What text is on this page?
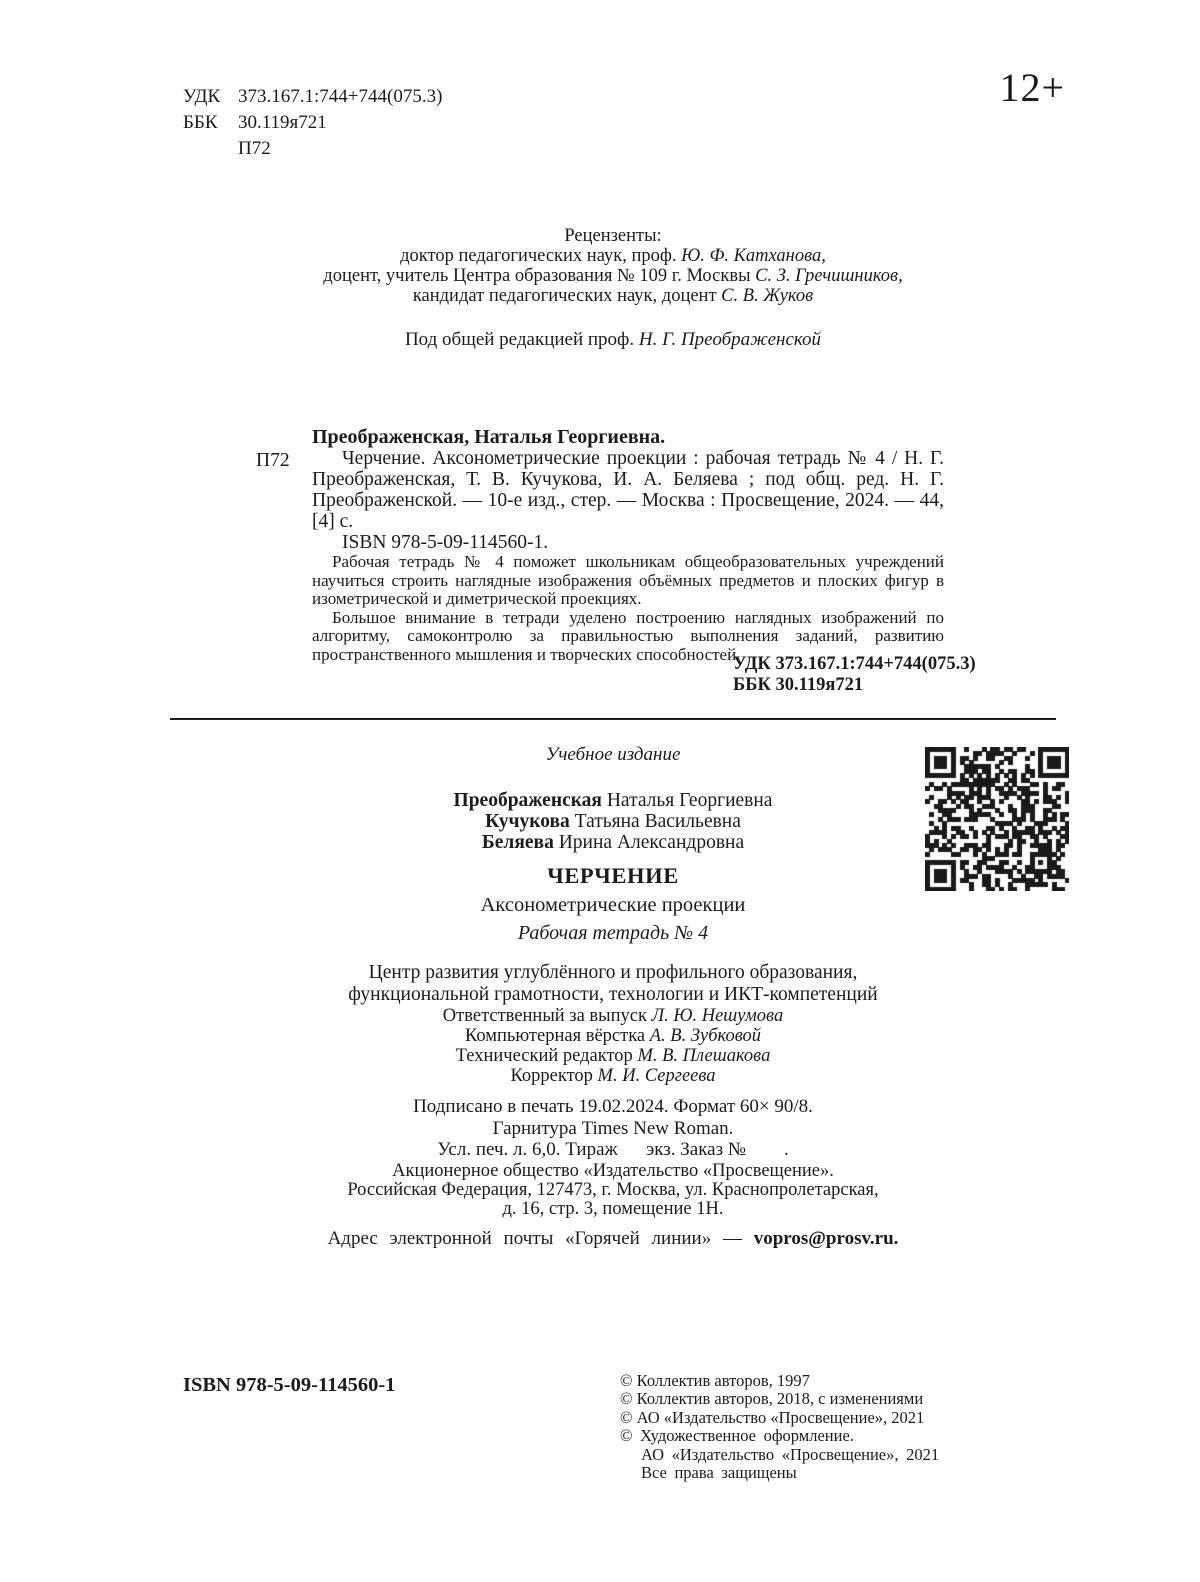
УДК 373.167.1:744+744(075.3)
ББК 30.119я721
П72
12+
Рецензенты:
доктор педагогических наук, проф. Ю. Ф. Катханова,
доцент, учитель Центра образования № 109 г. Москвы С. З. Гречишников,
кандидат педагогических наук, доцент С. В. Жуков
Под общей редакцией проф. Н. Г. Преображенской
П72

Преображенская, Наталья Георгиевна.

Черчение. Аксонометрические проекции : рабочая тетрадь № 4 / Н. Г. Преображенская, Т. В. Кучукова, И. А. Беляева ; под общ. ред. Н. Г. Преображенской. — 10-е изд., стер. — Москва : Просвещение, 2024. — 44, [4] с.

ISBN 978-5-09-114560-1.

Рабочая тетрадь № 4 поможет школьникам общеобразовательных учреждений научиться строить наглядные изображения объёмных предметов и плоских фигур в изометрической и диметрической проекциях.

Большое внимание в тетради уделено построению наглядных изображений по алгоритму, самоконтролю за правильностью выполнения заданий, развитию пространственного мышления и творческих способностей.

УДК 373.167.1:744+744(075.3)
ББК 30.119я721
Учебное издание
Преображенская Наталья Георгиевна
Кучукова Татьяна Васильевна
Беляева Ирина Александровна
ЧЕРЧЕНИЕ
Аксонометрические проекции
Рабочая тетрадь № 4
Центр развития углублённого и профильного образования,
функциональной грамотности, технологии и ИКТ-компетенций
Ответственный за выпуск Л. Ю. Нешумова
Компьютерная вёрстка А. В. Зубковой
Технический редактор М. В. Плешакова
Корректор М. И. Сергеева
Подписано в печать 19.02.2024. Формат 60× 90/8.
Гарнитура Times New Roman.
Усл. печ. л. 6,0. Тираж      экз. Заказ №        .
Акционерное общество «Издательство «Просвещение».
Российская Федерация, 127473, г. Москва, ул. Краснопролетарская,
д. 16, стр. 3, помещение 1Н.
Адрес электронной почты «Горячей линии» — vopros@prosv.ru.
ISBN 978-5-09-114560-1	© Коллектив авторов, 1997
© Коллектив авторов, 2018, с изменениями
© АО «Издательство «Просвещение», 2021
© Художественное оформление.
АО «Издательство «Просвещение», 2021
Все права защищены
